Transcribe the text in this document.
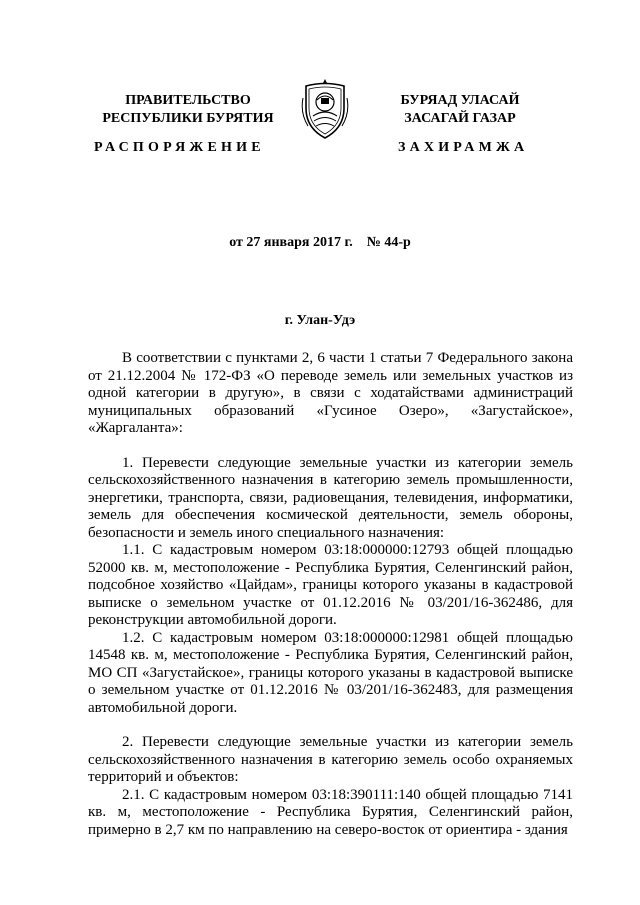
ПРАВИТЕЛЬСТВО
РЕСПУБЛИКИ БУРЯТИЯ
БУРЯАД УЛАСАЙ
ЗАСАГАЙ ГАЗАР
РАСПОРЯЖЕНИЕ	ЗАХИРАМЖА
от 27 января 2017 г.    № 44-р
г. Улан-Удэ

В соответствии с пунктами 2, 6 части 1 статьи 7 Федерального закона от 21.12.2004 № 172-ФЗ «О переводе земель или земельных участков из одной категории в другую», в связи с ходатайствами администраций муниципальных образований «Гусиное Озеро», «Загустайское», «Жаргаланта»:

1. Перевести следующие земельные участки из категории земель сельскохозяйственного назначения в категорию земель промышленности, энергетики, транспорта, связи, радиовещания, телевидения, информатики, земель для обеспечения космической деятельности, земель обороны, безопасности и земель иного специального назначения:

1.1. С кадастровым номером 03:18:000000:12793 общей площадью 52000 кв. м, местоположение - Республика Бурятия, Селенгинский район, подсобное хозяйство «Цайдам», границы которого указаны в кадастровой выписке о земельном участке от 01.12.2016 № 03/201/16-362486, для реконструкции автомобильной дороги.

1.2. С кадастровым номером 03:18:000000:12981 общей площадью 14548 кв. м, местоположение - Республика Бурятия, Селенгинский район, МО СП «Загустайское», границы которого указаны в кадастровой выписке о земельном участке от 01.12.2016 № 03/201/16-362483, для размещения автомобильной дороги.

2. Перевести следующие земельные участки из категории земель сельскохозяйственного назначения в категорию земель особо охраняемых территорий и объектов:

2.1. С кадастровым номером 03:18:390111:140 общей площадью 7141 кв. м, местоположение - Республика Бурятия, Селенгинский район, примерно в 2,7 км по направлению на северо-восток от ориентира - здания
